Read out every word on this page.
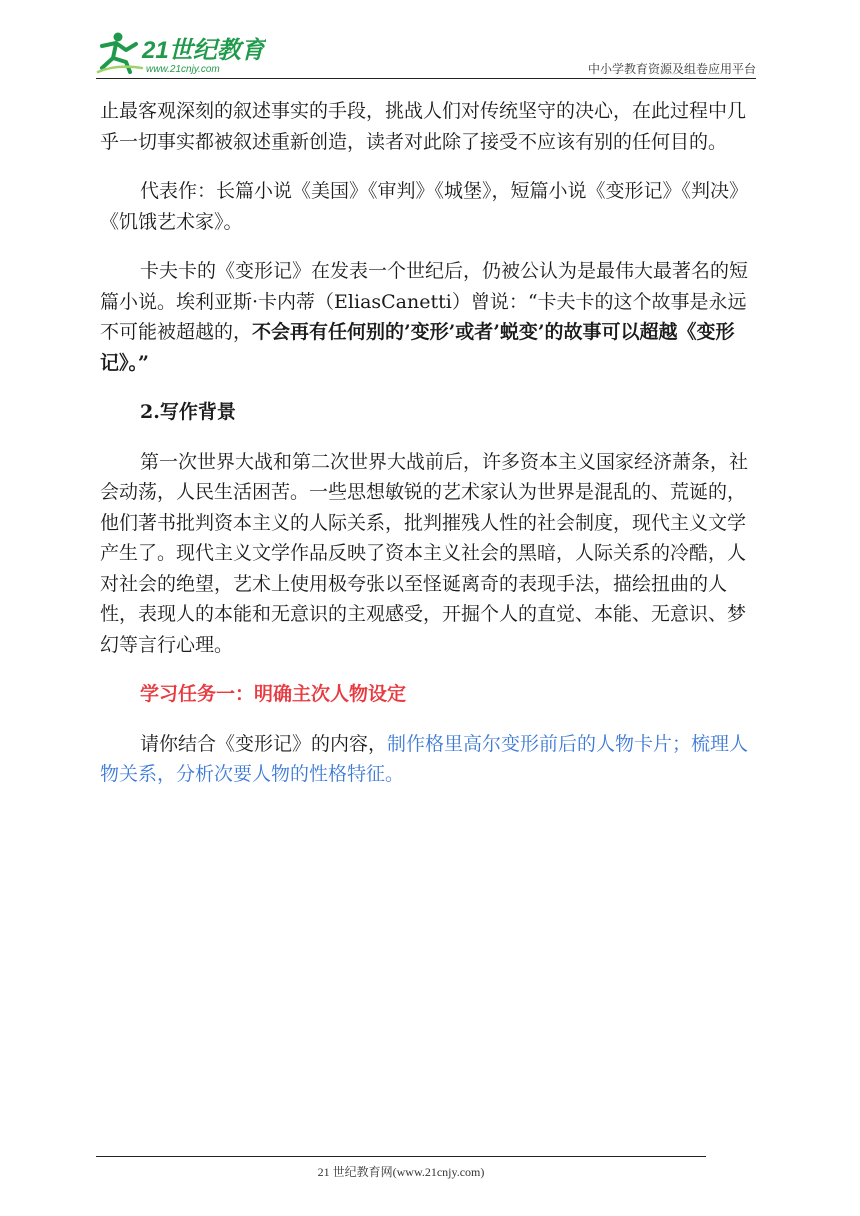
21世纪教育
www.21cnjy.com	中小学教育资源及组卷应用平台

止最客观深刻的叙述事实的手段，挑战人们对传统坚守的决心，在此过程中几乎一切事实都被叙述重新创造，读者对此除了接受不应该有别的任何目的。

代表作：长篇小说《美国》《审判》《城堡》，短篇小说《变形记》《判决》《饥饿艺术家》。

卡夫卡的《变形记》在发表一个世纪后，仍被公认为是最伟大最著名的短篇小说。埃利亚斯·卡内蒂（EliasCanetti）曾说：“卡夫卡的这个故事是永远不可能被超越的，不会再有任何别的’变形’或者’蜕变’的故事可以超越《变形记》。”

2.写作背景

第一次世界大战和第二次世界大战前后，许多资本主义国家经济萧条，社会动荡，人民生活困苦。一些思想敏锐的艺术家认为世界是混乱的、荒诞的，他们著书批判资本主义的人际关系，批判摧残人性的社会制度，现代主义文学产生了。现代主义文学作品反映了资本主义社会的黑暗，人际关系的冷酷，人对社会的绝望，艺术上使用极夸张以至怪诞离奇的表现手法，描绘扭曲的人性，表现人的本能和无意识的主观感受，开掘个人的直觉、本能、无意识、梦幻等言行心理。

学习任务一：明确主次人物设定

请你结合《变形记》的内容，制作格里高尔变形前后的人物卡片；梳理人物关系，分析次要人物的性格特征。

21 世纪教育网(www.21cnjy.com)
